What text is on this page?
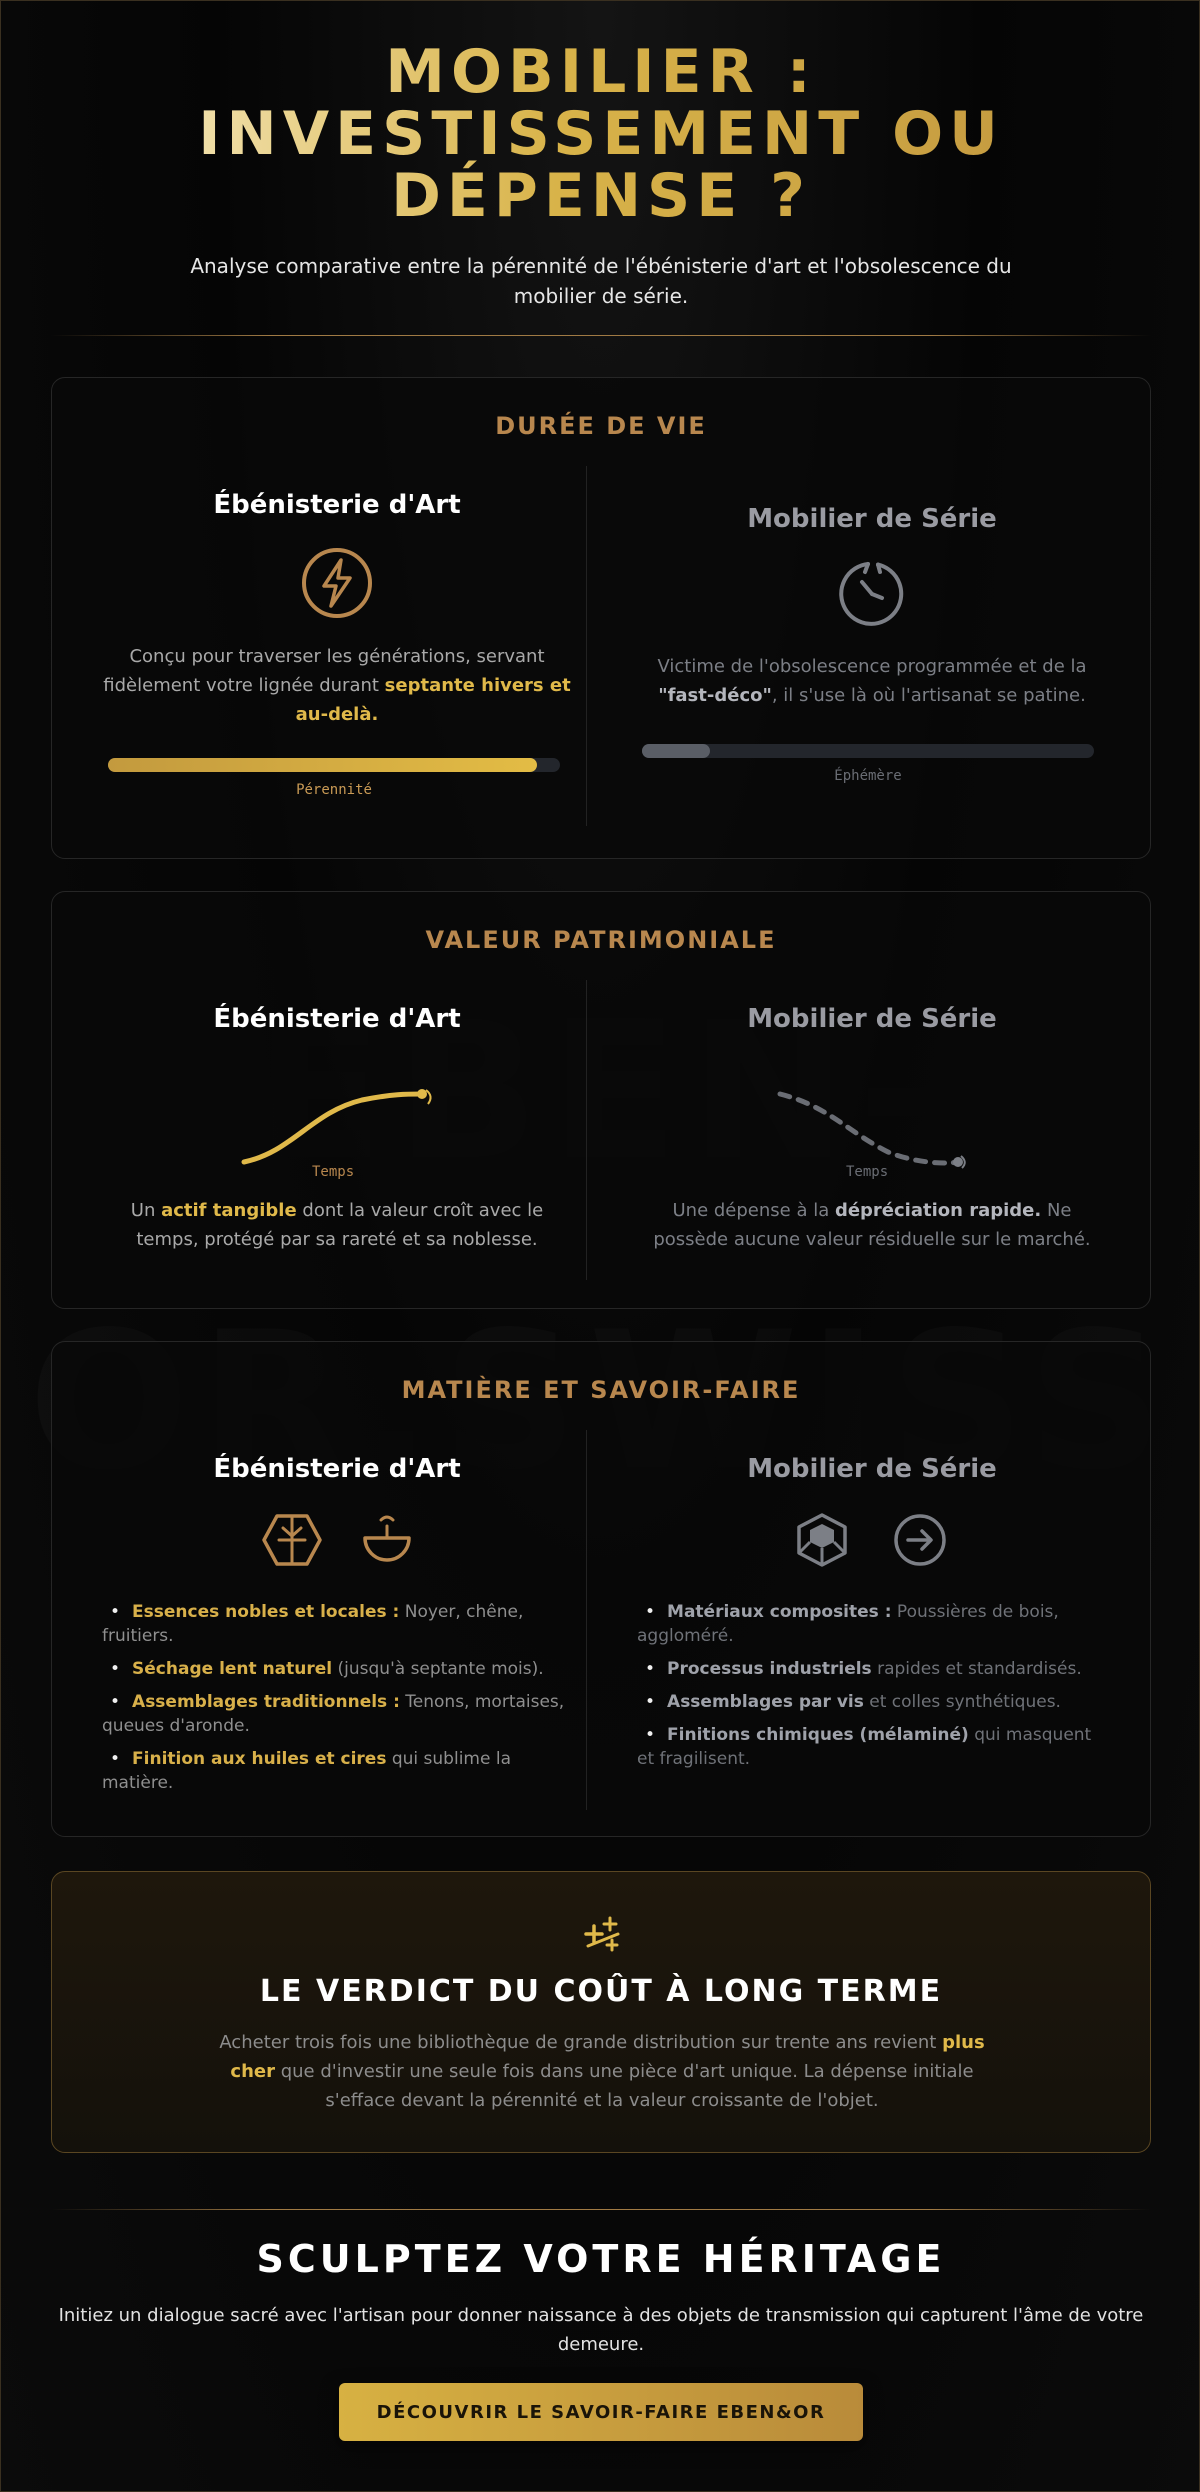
MOBILIER : INVESTISSEMENT OU DÉPENSE ?

Analyse comparative entre la pérennité de l'ébénisterie d'art et l'obsolescence du mobilier de série.

DURÉE DE VIE
Ébénisterie d'Art

Conçu pour traverser les générations, servant fidèlement votre lignée durant septante hivers et au-delà.

Pérennité
Mobilier de Série

Victime de l'obsolescence programmée et de la "fast-déco", il s'use là où l'artisanat se patine.

Éphémère
VALEUR PATRIMONIALE
Ébénisterie d'Art
Temps

Un actif tangible dont la valeur croît avec le temps, protégé par sa rareté et sa noblesse.

Mobilier de Série
Temps

Une dépense à la dépréciation rapide. Ne possède aucune valeur résiduelle sur le marché.

MATIÈRE ET SAVOIR-FAIRE
Ébénisterie d'Art
• Essences nobles et locales : Noyer, chêne, fruitiers.
• Séchage lent naturel (jusqu'à septante mois).
• Assemblages traditionnels : Tenons, mortaises, queues d'aronde.
• Finition aux huiles et cires qui sublime la matière.
Mobilier de Série
• Matériaux composites : Poussières de bois, aggloméré.
• Processus industriels rapides et standardisés.
• Assemblages par vis et colles synthétiques.
• Finitions chimiques (mélaminé) qui masquent et fragilisent.
LE VERDICT DU COÛT À LONG TERME

Acheter trois fois une bibliothèque de grande distribution sur trente ans revient plus cher que d'investir une seule fois dans une pièce d'art unique. La dépense initiale s'efface devant la pérennité et la valeur croissante de l'objet.

SCULPTEZ VOTRE HÉRITAGE

Initiez un dialogue sacré avec l'artisan pour donner naissance à des objets de transmission qui capturent l'âme de votre demeure.

DÉCOUVRIR LE SAVOIR-FAIRE EBEN&OR
